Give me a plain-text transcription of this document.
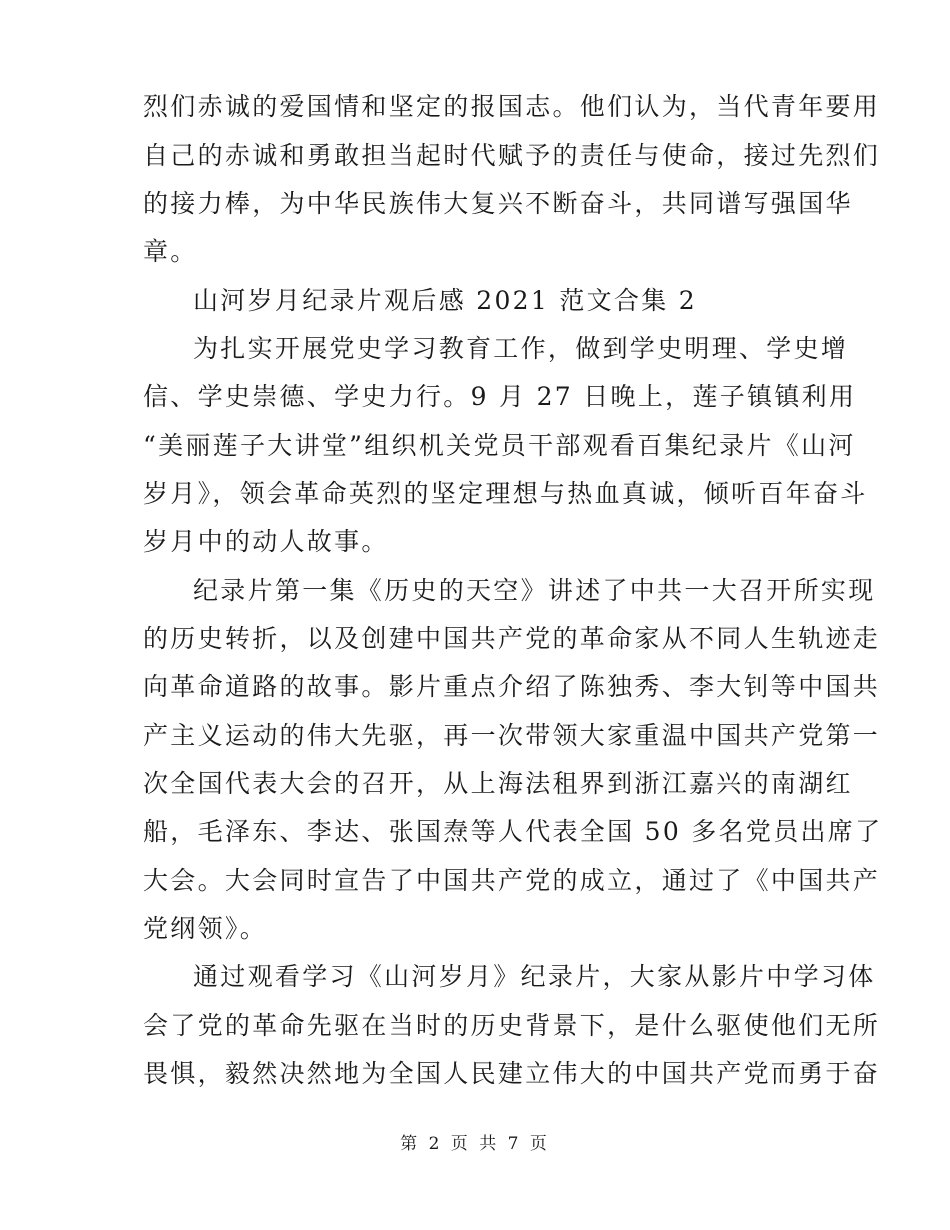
烈们赤诚的爱国情和坚定的报国志。他们认为，当代青年要用
自己的赤诚和勇敢担当起时代赋予的责任与使命，接过先烈们
的接力棒，为中华民族伟大复兴不断奋斗，共同谱写强国华
章。
山河岁月纪录片观后感 2021 范文合集 2
为扎实开展党史学习教育工作，做到学史明理、学史增
信、学史崇德、学史力行。9 月 27 日晚上，莲子镇镇利用
“美丽莲子大讲堂”组织机关党员干部观看百集纪录片《山河
岁月》，领会革命英烈的坚定理想与热血真诚，倾听百年奋斗
岁月中的动人故事。
纪录片第一集《历史的天空》讲述了中共一大召开所实现
的历史转折，以及创建中国共产党的革命家从不同人生轨迹走
向革命道路的故事。影片重点介绍了陈独秀、李大钊等中国共
产主义运动的伟大先驱，再一次带领大家重温中国共产党第一
次全国代表大会的召开，从上海法租界到浙江嘉兴的南湖红
船，毛泽东、李达、张国焘等人代表全国 50 多名党员出席了
大会。大会同时宣告了中国共产党的成立，通过了《中国共产
党纲领》。
通过观看学习《山河岁月》纪录片，大家从影片中学习体
会了党的革命先驱在当时的历史背景下，是什么驱使他们无所
畏惧，毅然决然地为全国人民建立伟大的中国共产党而勇于奋
第 2 页 共 7 页
